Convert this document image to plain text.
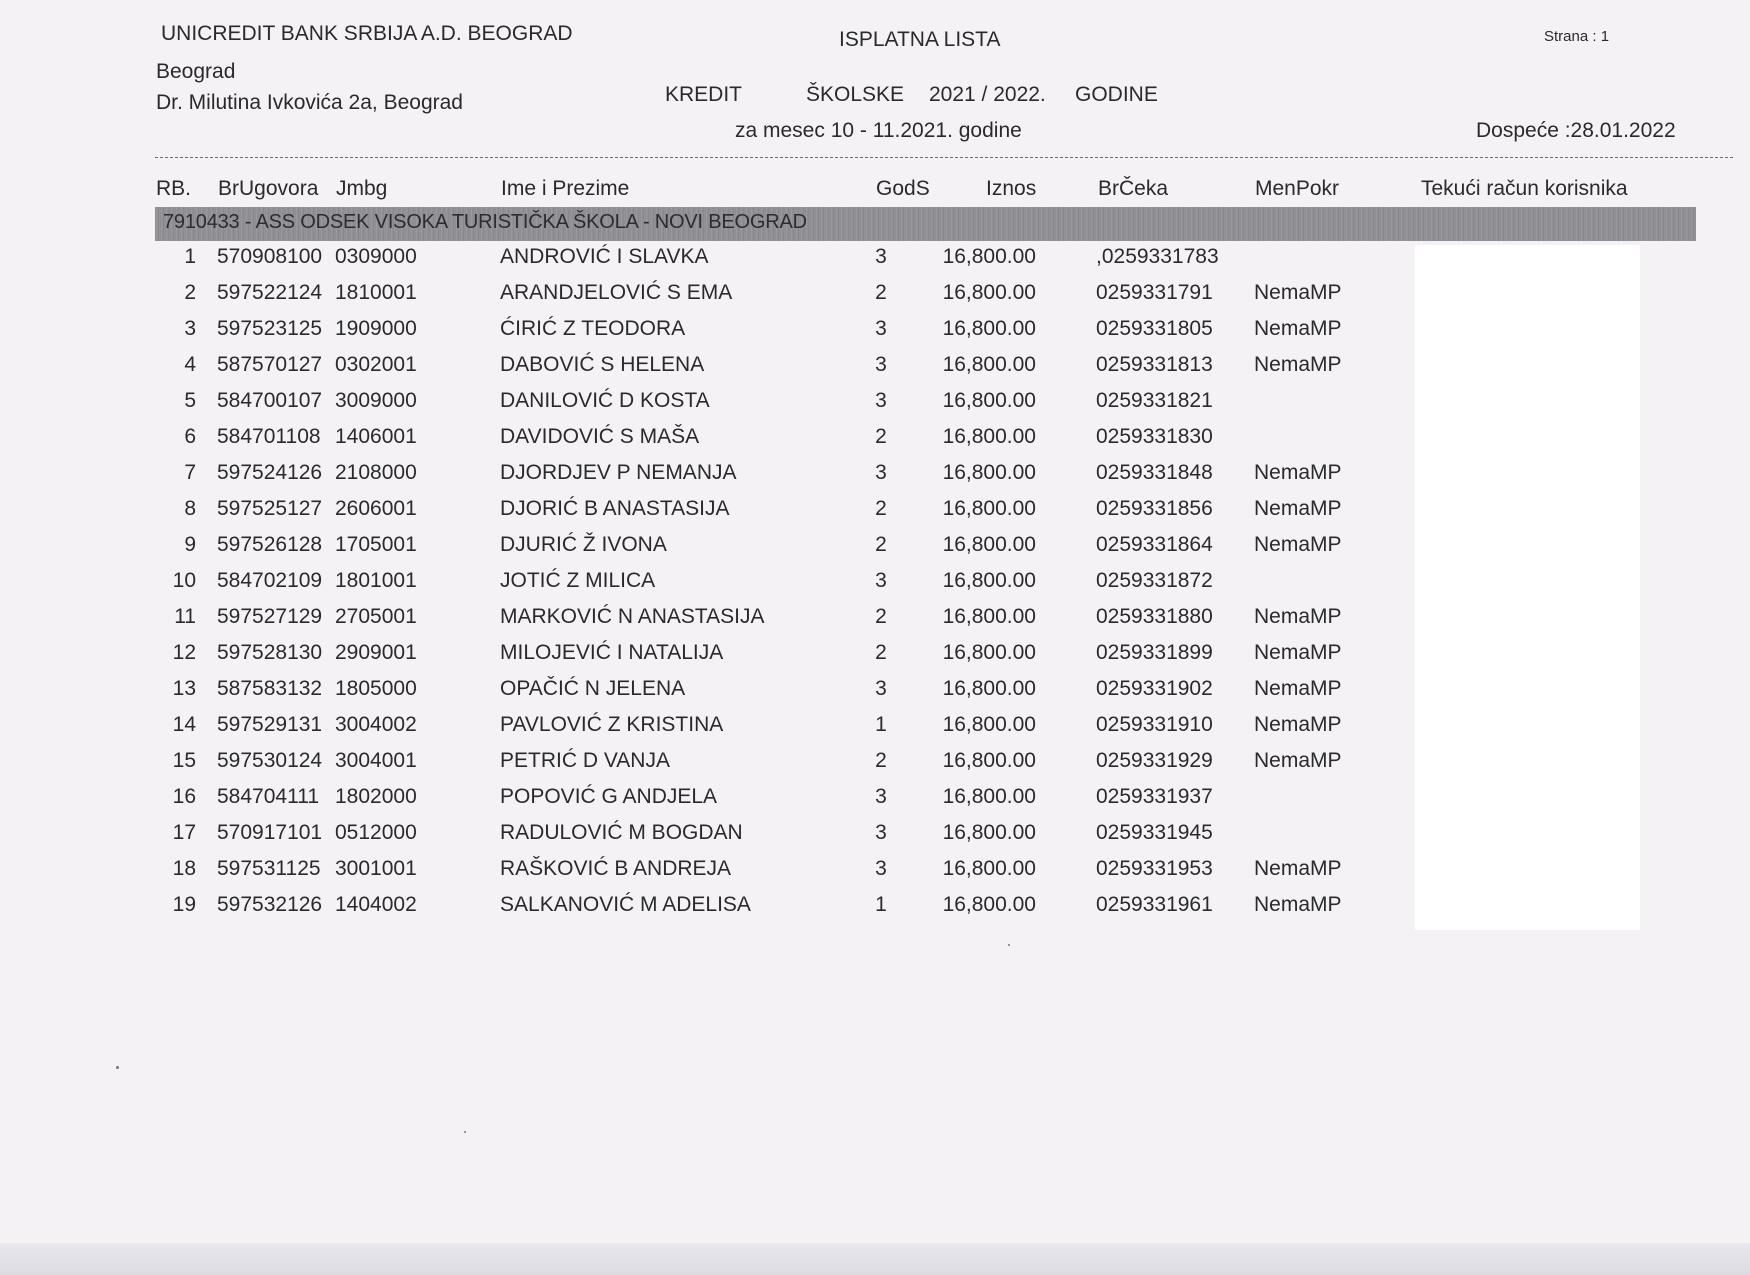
UNICREDIT BANK SRBIJA A.D. BEOGRAD
Beograd
Dr. Milutina Ivkovića 2a, Beograd
ISPLATNA LISTA
KREDIT	ŠKOLSKE 2021 / 2022. GODINE
za mesec 10 - 11.2021. godine
Strana : 1
Dospeće :28.01.2022
RB. BrUgovora Jmbg	Ime i Prezime	GodS	Iznos	BrČeka	MenPokr	Tekući račun korisnika
7910433 - ASS ODSEK VISOKA TURISTIČKA ŠKOLA - NOVI BEOGRAD
1 570908100 0309000	ANDROVIĆ I SLAVKA	3	16,800.00	,0259331783
2 597522124 1810001	ARANDJELOVIĆ S EMA	2	16,800.00	0259331791 NemaMP
3 597523125 1909000	ĆIRIĆ Z TEODORA	3	16,800.00	0259331805 NemaMP
4 587570127 0302001	DABOVIĆ S HELENA	3	16,800.00	0259331813 NemaMP
5 584700107 3009000	DANILOVIĆ D KOSTA	3	16,800.00	0259331821
6 584701108 1406001	DAVIDOVIĆ S MAŠA	2	16,800.00	0259331830
7 597524126 2108000	DJORDJEV P NEMANJA	3	16,800.00	0259331848 NemaMP
8 597525127 2606001	DJORIĆ B ANASTASIJA	2	16,800.00	0259331856 NemaMP
9 597526128 1705001	DJURIĆ Ž IVONA	2	16,800.00	0259331864 NemaMP
10 584702109 1801001	JOTIĆ Z MILICA	3	16,800.00	0259331872
11 597527129 2705001	MARKOVIĆ N ANASTASIJA	2	16,800.00	0259331880 NemaMP
12 597528130 2909001	MILOJEVIĆ I NATALIJA	2	16,800.00	0259331899 NemaMP
13 587583132 1805000	OPAČIĆ N JELENA	3	16,800.00	0259331902 NemaMP
14 597529131 3004002	PAVLOVIĆ Z KRISTINA	1	16,800.00	0259331910 NemaMP
15 597530124 3004001	PETRIĆ D VANJA	2	16,800.00	0259331929 NemaMP
16 584704111 1802000	POPOVIĆ G ANDJELA	3	16,800.00	0259331937
17 570917101 0512000	RADULOVIĆ M BOGDAN	3	16,800.00	0259331945
18 597531125 3001001	RAŠKOVIĆ B ANDREJA	3	16,800.00	0259331953 NemaMP
19 597532126 1404002	SALKANOVIĆ M ADELISA	1	16,800.00	0259331961 NemaMP
